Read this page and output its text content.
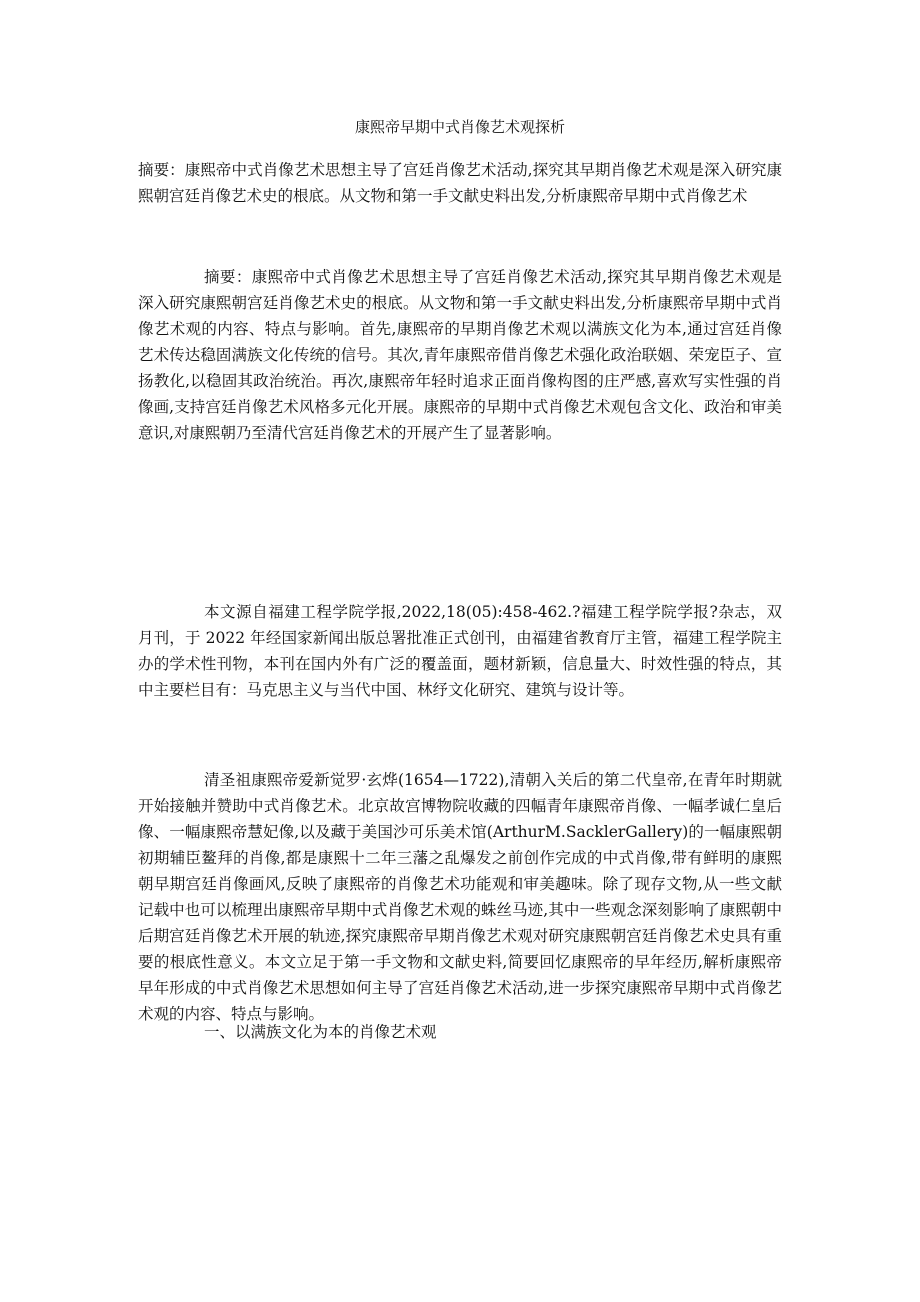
康熙帝早期中式肖像艺术观探析
摘要：康熙帝中式肖像艺术思想主导了宫廷肖像艺术活动,探究其早期肖像艺术观是深入研究康熙朝宫廷肖像艺术史的根底。从文物和第一手文献史料出发,分析康熙帝早期中式肖像艺术
摘要：康熙帝中式肖像艺术思想主导了宫廷肖像艺术活动,探究其早期肖像艺术观是深入研究康熙朝宫廷肖像艺术史的根底。从文物和第一手文献史料出发,分析康熙帝早期中式肖像艺术观的内容、特点与影响。首先,康熙帝的早期肖像艺术观以满族文化为本,通过宫廷肖像艺术传达稳固满族文化传统的信号。其次,青年康熙帝借肖像艺术强化政治联姻、荣宠臣子、宣扬教化,以稳固其政治统治。再次,康熙帝年轻时追求正面肖像构图的庄严感,喜欢写实性强的肖像画,支持宫廷肖像艺术风格多元化开展。康熙帝的早期中式肖像艺术观包含文化、政治和审美意识,对康熙朝乃至清代宫廷肖像艺术的开展产生了显著影响。
本文源自福建工程学院学报,2022,18(05):458-462.?福建工程学院学报?杂志，双月刊，于 2022 年经国家新闻出版总署批准正式创刊，由福建省教育厅主管，福建工程学院主办的学术性刊物，本刊在国内外有广泛的覆盖面，题材新颖，信息量大、时效性强的特点，其中主要栏目有：马克思主义与当代中国、林纾文化研究、建筑与设计等。
清圣祖康熙帝爱新觉罗·玄烨(1654—1722),清朝入关后的第二代皇帝,在青年时期就开始接触并赞助中式肖像艺术。北京故宫博物院收藏的四幅青年康熙帝肖像、一幅孝诚仁皇后像、一幅康熙帝慧妃像,以及藏于美国沙可乐美术馆(ArthurM.SacklerGallery)的一幅康熙朝初期辅臣鳌拜的肖像,都是康熙十二年三藩之乱爆发之前创作完成的中式肖像,带有鲜明的康熙朝早期宫廷肖像画风,反映了康熙帝的肖像艺术功能观和审美趣味。除了现存文物,从一些文献记载中也可以梳理出康熙帝早期中式肖像艺术观的蛛丝马迹,其中一些观念深刻影响了康熙朝中后期宫廷肖像艺术开展的轨迹,探究康熙帝早期肖像艺术观对研究康熙朝宫廷肖像艺术史具有重要的根底性意义。本文立足于第一手文物和文献史料,简要回忆康熙帝的早年经历,解析康熙帝早年形成的中式肖像艺术思想如何主导了宫廷肖像艺术活动,进一步探究康熙帝早期中式肖像艺术观的内容、特点与影响。
一、以满族文化为本的肖像艺术观
